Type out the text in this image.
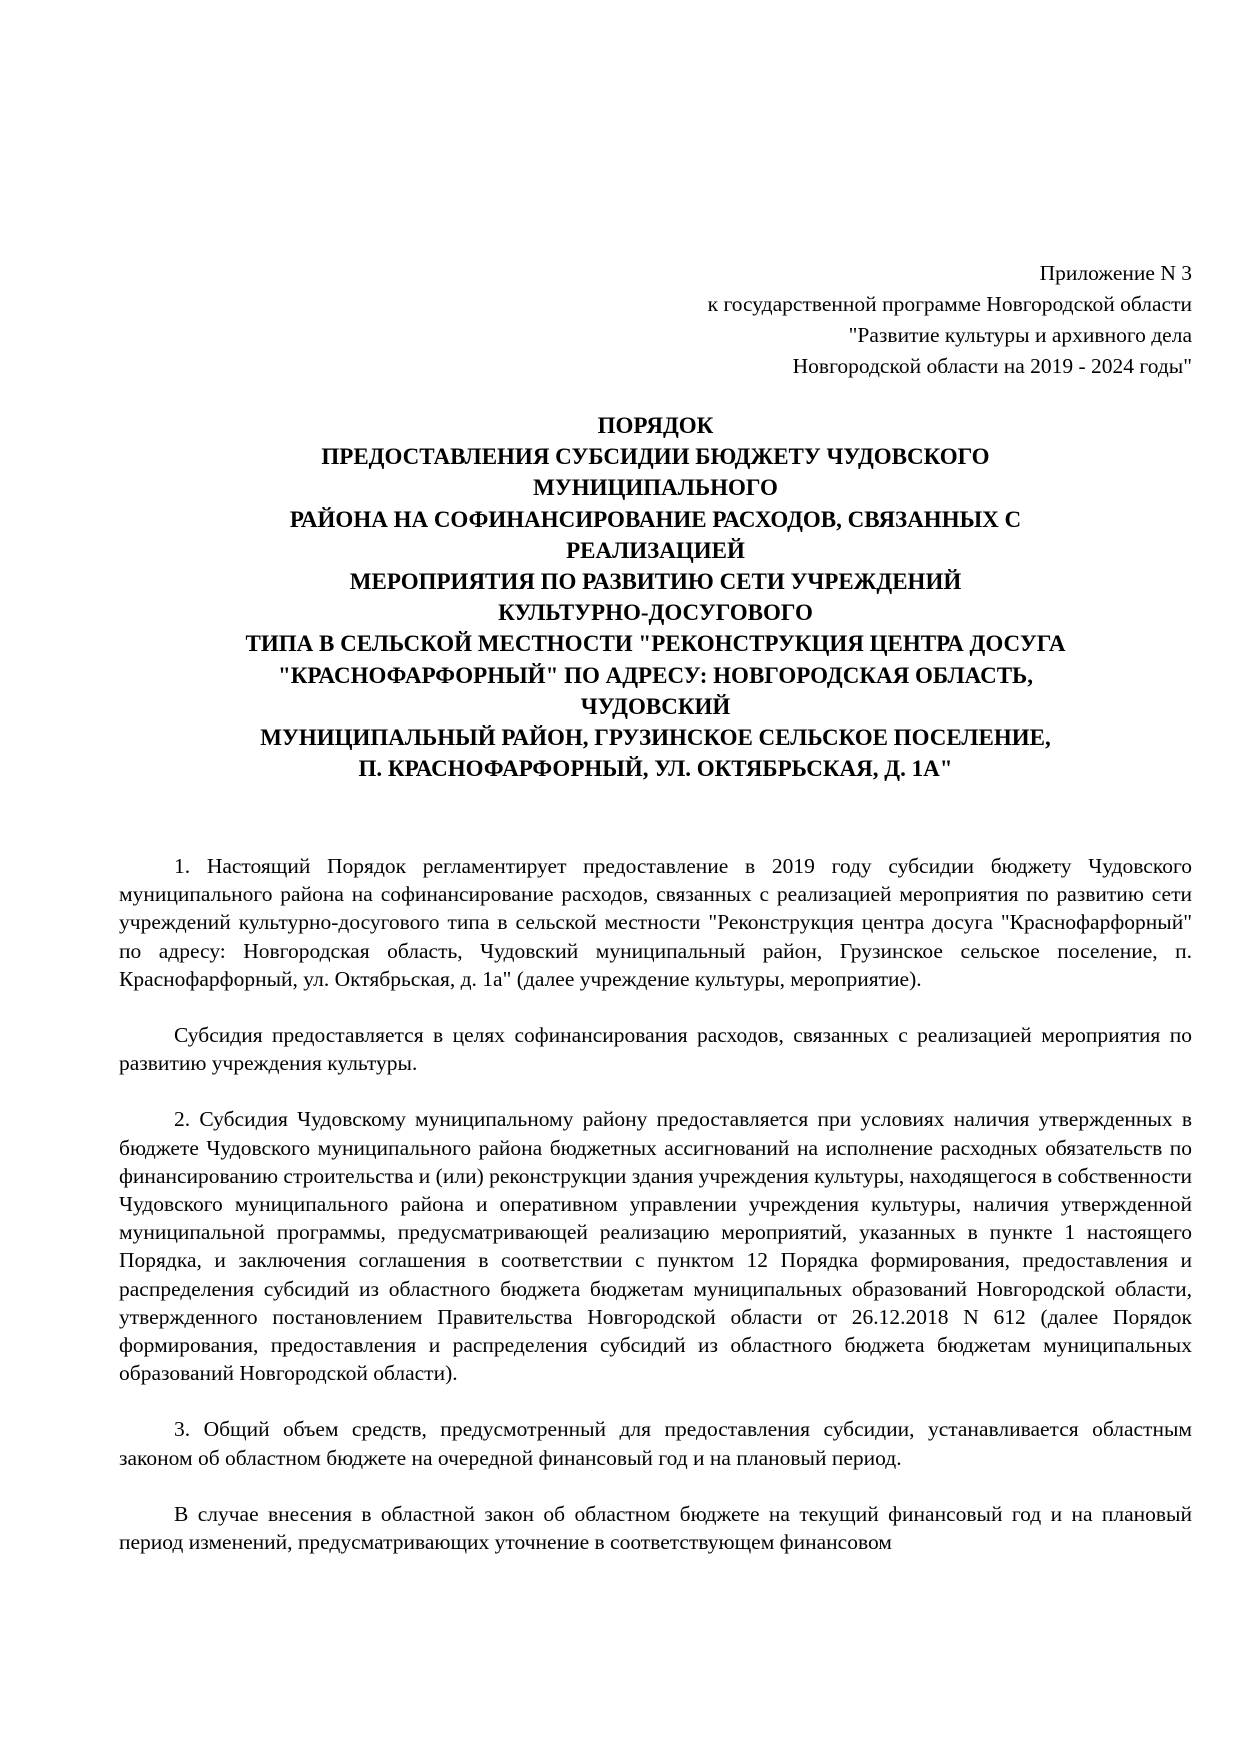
Приложение N 3
к государственной программе Новгородской области
"Развитие культуры и архивного дела
Новгородской области на 2019 - 2024 годы"
ПОРЯДОК
ПРЕДОСТАВЛЕНИЯ СУБСИДИИ БЮДЖЕТУ ЧУДОВСКОГО
МУНИЦИПАЛЬНОГО
РАЙОНА НА СОФИНАНСИРОВАНИЕ РАСХОДОВ, СВЯЗАННЫХ С
РЕАЛИЗАЦИЕЙ
МЕРОПРИЯТИЯ ПО РАЗВИТИЮ СЕТИ УЧРЕЖДЕНИЙ
КУЛЬТУРНО-ДОСУГОВОГО
ТИПА В СЕЛЬСКОЙ МЕСТНОСТИ "РЕКОНСТРУКЦИЯ ЦЕНТРА ДОСУГА
"КРАСНОФАРФОРНЫЙ" ПО АДРЕСУ: НОВГОРОДСКАЯ ОБЛАСТЬ,
ЧУДОВСКИЙ
МУНИЦИПАЛЬНЫЙ РАЙОН, ГРУЗИНСКОЕ СЕЛЬСКОЕ ПОСЕЛЕНИЕ,
П. КРАСНОФАРФОРНЫЙ, УЛ. ОКТЯБРЬСКАЯ, Д. 1А"

1. Настоящий Порядок регламентирует предоставление в 2019 году субсидии бюджету Чудовского муниципального района на софинансирование расходов, связанных с реализацией мероприятия по развитию сети учреждений культурно-досугового типа в сельской местности "Реконструкция центра досуга "Краснофарфорный" по адресу: Новгородская область, Чудовский муниципальный район, Грузинское сельское поселение, п. Краснофарфорный, ул. Октябрьская, д. 1а" (далее учреждение культуры, мероприятие).

Субсидия предоставляется в целях софинансирования расходов, связанных с реализацией мероприятия по развитию учреждения культуры.

2. Субсидия Чудовскому муниципальному району предоставляется при условиях наличия утвержденных в бюджете Чудовского муниципального района бюджетных ассигнований на исполнение расходных обязательств по финансированию строительства и (или) реконструкции здания учреждения культуры, находящегося в собственности Чудовского муниципального района и оперативном управлении учреждения культуры, наличия утвержденной муниципальной программы, предусматривающей реализацию мероприятий, указанных в пункте 1 настоящего Порядка, и заключения соглашения в соответствии с пунктом 12 Порядка формирования, предоставления и распределения субсидий из областного бюджета бюджетам муниципальных образований Новгородской области, утвержденного постановлением Правительства Новгородской области от 26.12.2018 N 612 (далее Порядок формирования, предоставления и распределения субсидий из областного бюджета бюджетам муниципальных образований Новгородской области).

3. Общий объем средств, предусмотренный для предоставления субсидии, устанавливается областным законом об областном бюджете на очередной финансовый год и на плановый период.

В случае внесения в областной закон об областном бюджете на текущий финансовый год и на плановый период изменений, предусматривающих уточнение в соответствующем финансовом
